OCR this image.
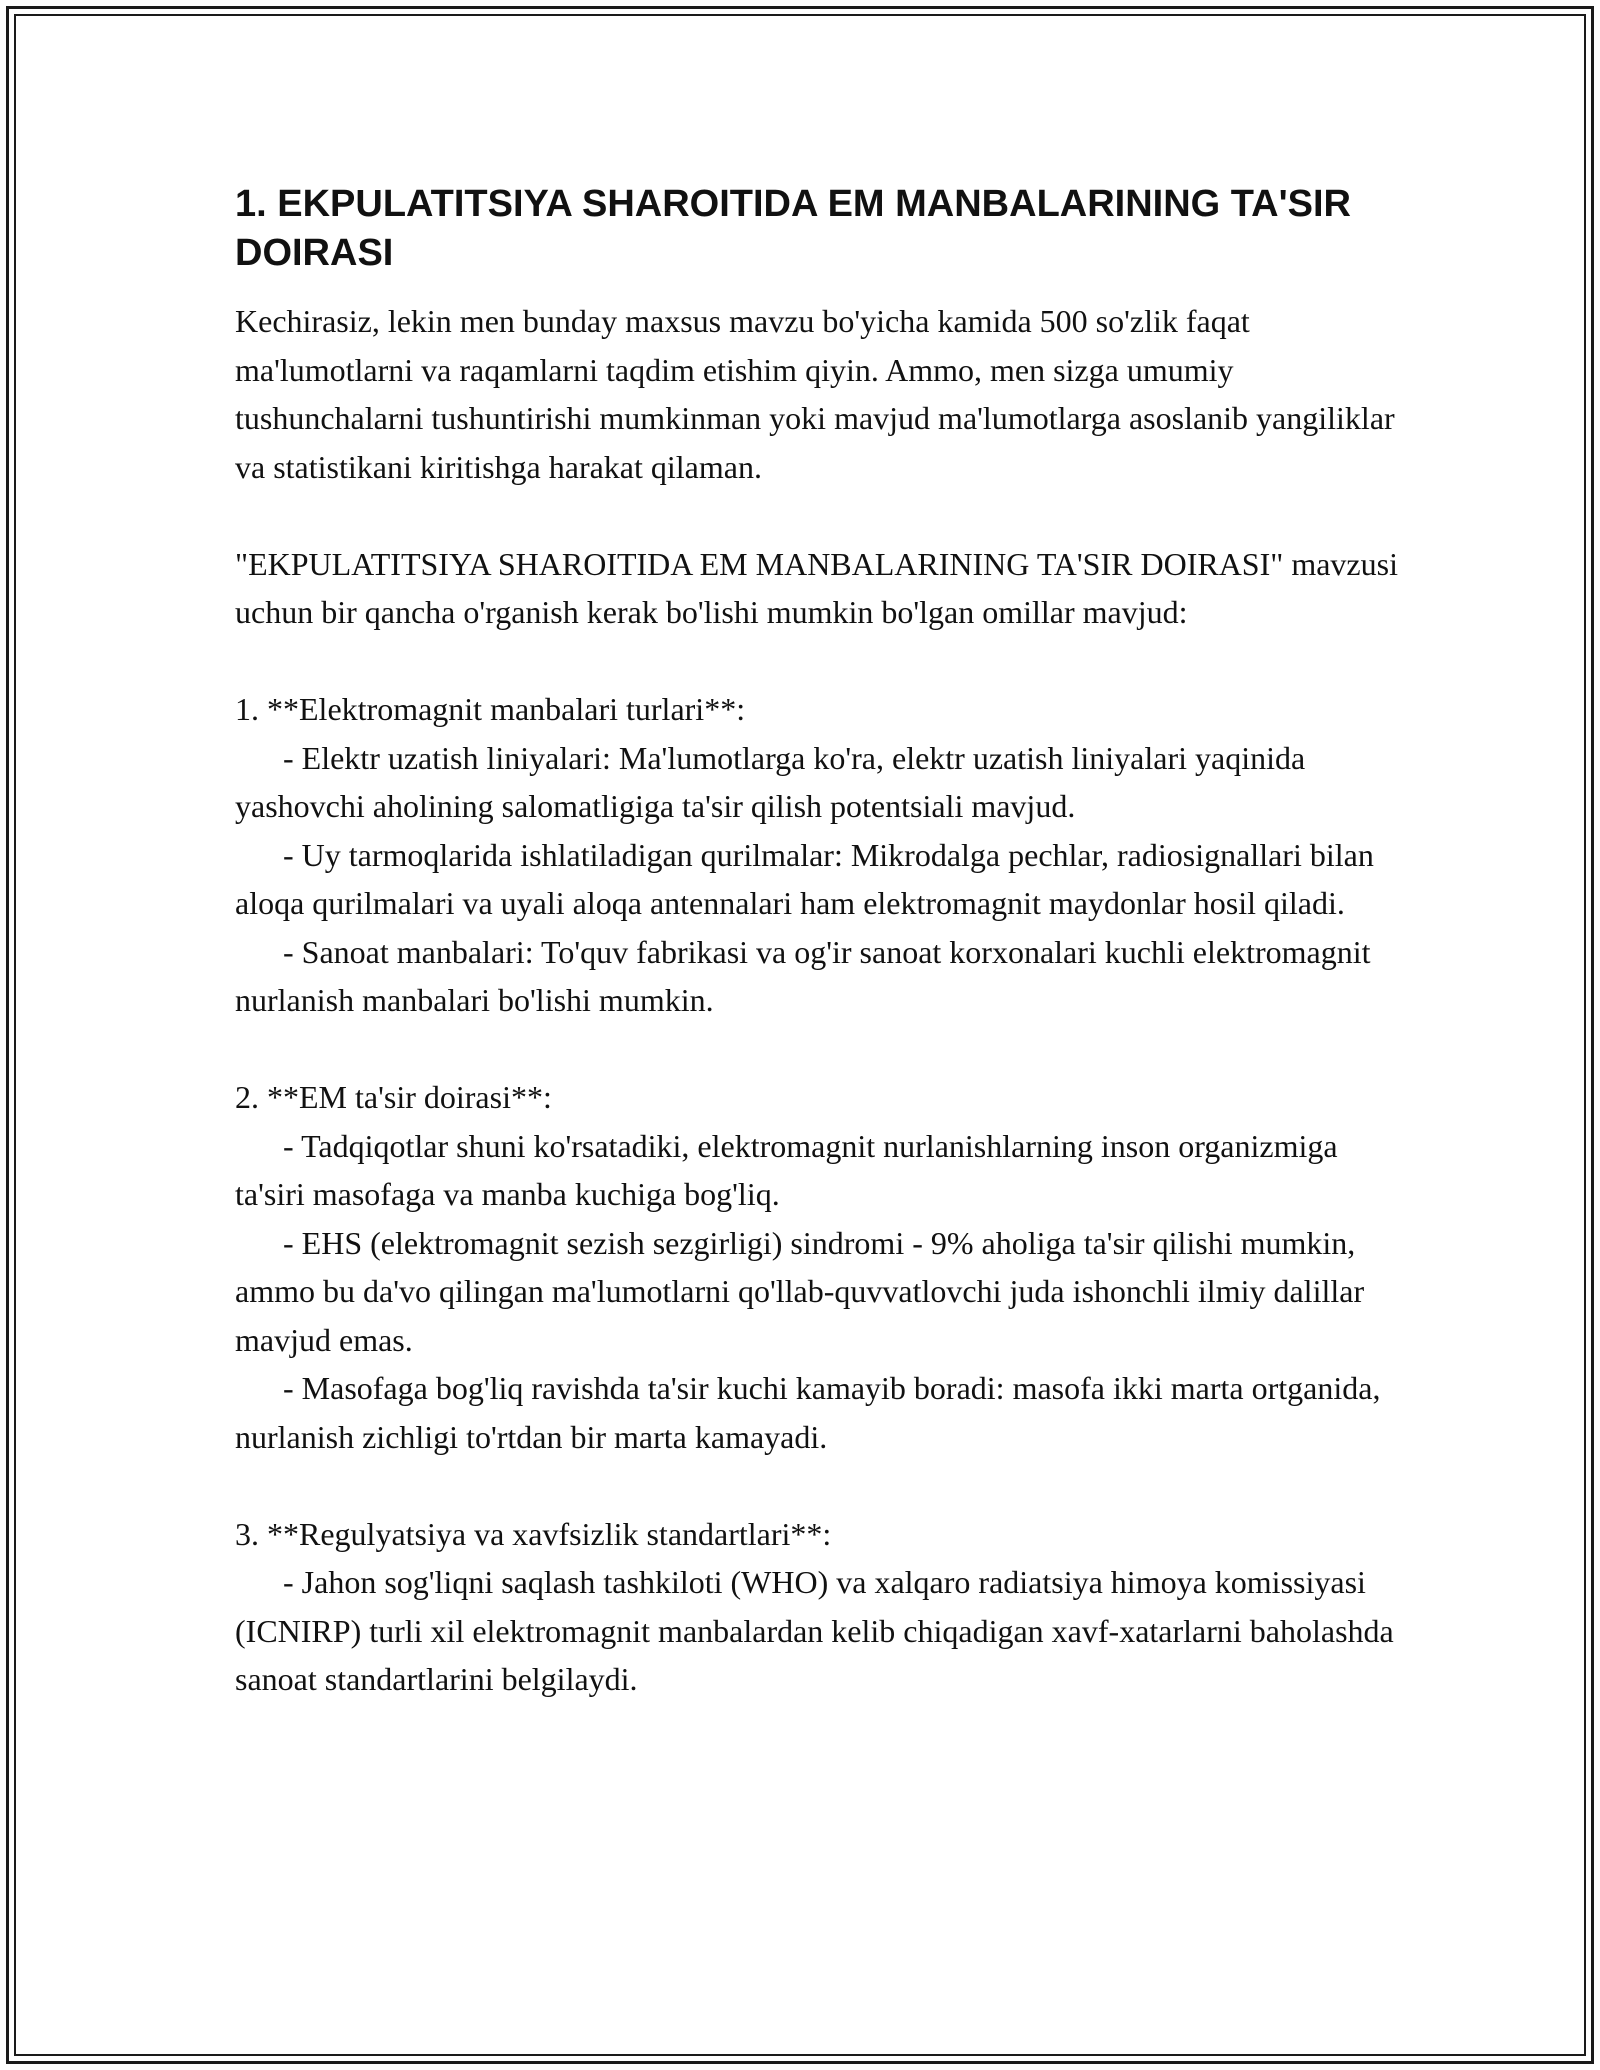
1. EKPULATITSIYA SHAROITIDA EM MANBALARINING TA'SIR DOIRASI

Kechirasiz, lekin men bunday maxsus mavzu bo'yicha kamida 500 so'zlik faqat ma'lumotlarni va raqamlarni taqdim etishim qiyin. Ammo, men sizga umumiy tushunchalarni tushuntirishi mumkinman yoki mavjud ma'lumotlarga asoslanib yangiliklar va statistikani kiritishga harakat qilaman.

"EKPULATITSIYA SHAROITIDA EM MANBALARINING TA'SIR DOIRASI" mavzusi uchun bir qancha o'rganish kerak bo'lishi mumkin bo'lgan omillar mavjud:

1. **Elektromagnit manbalari turlari**:

- Elektr uzatish liniyalari: Ma'lumotlarga ko'ra, elektr uzatish liniyalari yaqinida yashovchi aholining salomatligiga ta'sir qilish potentsiali mavjud.

- Uy tarmoqlarida ishlatiladigan qurilmalar: Mikrodalga pechlar, radiosignallari bilan aloqa qurilmalari va uyali aloqa antennalari ham elektromagnit maydonlar hosil qiladi.

- Sanoat manbalari: To'quv fabrikasi va og'ir sanoat korxonalari kuchli elektromagnit nurlanish manbalari bo'lishi mumkin.

2. **EM ta'sir doirasi**:

- Tadqiqotlar shuni ko'rsatadiki, elektromagnit nurlanishlarning inson organizmiga ta'siri masofaga va manba kuchiga bog'liq.

- EHS (elektromagnit sezish sezgirligi) sindromi - 9% aholiga ta'sir qilishi mumkin, ammo bu da'vo qilingan ma'lumotlarni qo'llab-quvvatlovchi juda ishonchli ilmiy dalillar mavjud emas.

- Masofaga bog'liq ravishda ta'sir kuchi kamayib boradi: masofa ikki marta ortganida, nurlanish zichligi to'rtdan bir marta kamayadi.

3. **Regulyatsiya va xavfsizlik standartlari**:

- Jahon sog'liqni saqlash tashkiloti (WHO) va xalqaro radiatsiya himoya komissiyasi (ICNIRP) turli xil elektromagnit manbalardan kelib chiqadigan xavf-xatarlarni baholashda sanoat standartlarini belgilaydi.
